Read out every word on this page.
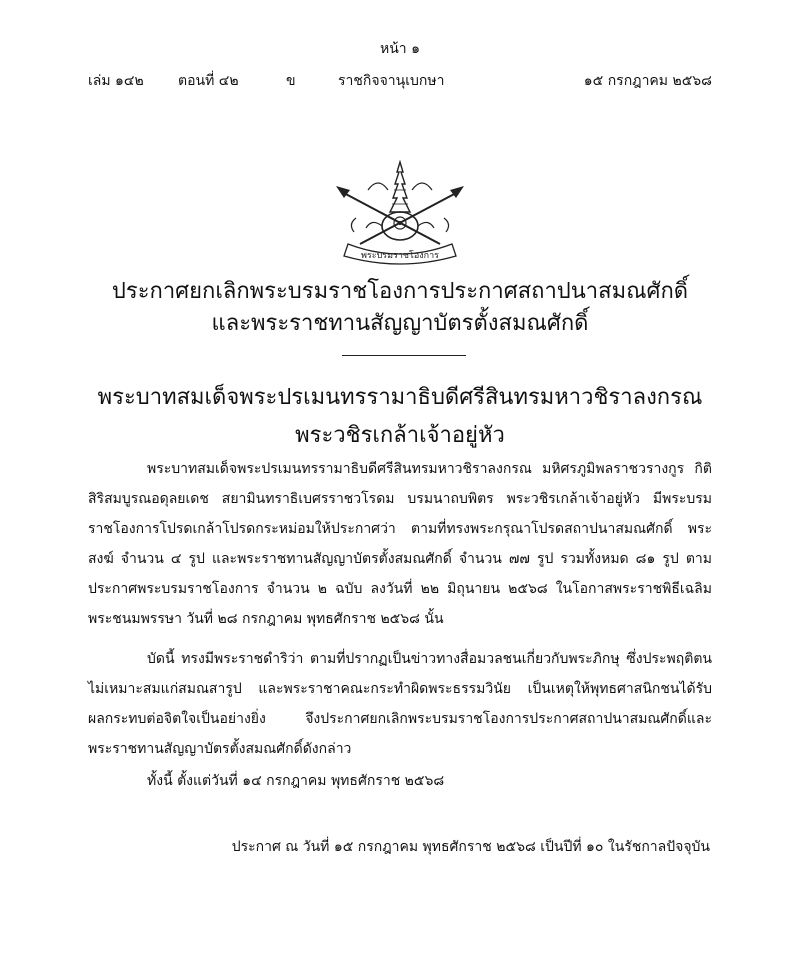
หน้า ๑
เล่ม ๑๔๒ ตอนที่ ๔๒	ข	ราชกิจจานุเบกษา	๑๕ กรกฎาคม ๒๕๖๘
พระบรมราชโองการ
ประกาศยกเลิกพระบรมราชโองการประกาศสถาปนาสมณศักดิ์
และพระราชทานสัญญาบัตรตั้งสมณศักดิ์
พระบาทสมเด็จพระปรเมนทรรามาธิบดีศรีสินทรมหาวชิราลงกรณ
พระวชิรเกล้าเจ้าอยู่หัว

พระบาทสมเด็จพระปรเมนทรรามาธิบดีศรีสินทรมหาวชิราลงกรณ มหิศรภูมิพลราชวรางกูร กิติสิริสมบูรณอดุลยเดช สยามินทราธิเบศรราชวโรดม บรมนาถบพิตร พระวชิรเกล้าเจ้าอยู่หัว มีพระบรมราชโองการโปรดเกล้าโปรดกระหม่อมให้ประกาศว่า ตามที่ทรงพระกรุณาโปรดสถาปนาสมณศักดิ์ พระสงฆ์ จำนวน ๔ รูป และพระราชทานสัญญาบัตรตั้งสมณศักดิ์ จำนวน ๗๗ รูป รวมทั้งหมด ๘๑ รูป ตามประกาศพระบรมราชโองการ จำนวน ๒ ฉบับ ลงวันที่ ๒๒ มิถุนายน ๒๕๖๘ ในโอกาสพระราชพิธีเฉลิมพระชนมพรรษา วันที่ ๒๘ กรกฎาคม พุทธศักราช ๒๕๖๘ นั้น

บัดนี้ ทรงมีพระราชดำริว่า ตามที่ปรากฏเป็นข่าวทางสื่อมวลชนเกี่ยวกับพระภิกษุ ซึ่งประพฤติตนไม่เหมาะสมแก่สมณสารูป และพระราชาคณะกระทำผิดพระธรรมวินัย เป็นเหตุให้พุทธศาสนิกชนได้รับผลกระทบต่อจิตใจเป็นอย่างยิ่ง จึงประกาศยกเลิกพระบรมราชโองการประกาศสถาปนาสมณศักดิ์และพระราชทานสัญญาบัตรตั้งสมณศักดิ์ดังกล่าว

ทั้งนี้ ตั้งแต่วันที่ ๑๔ กรกฎาคม พุทธศักราช ๒๕๖๘

ประกาศ ณ วันที่ ๑๕ กรกฎาคม พุทธศักราช ๒๕๖๘ เป็นปีที่ ๑๐ ในรัชกาลปัจจุบัน
